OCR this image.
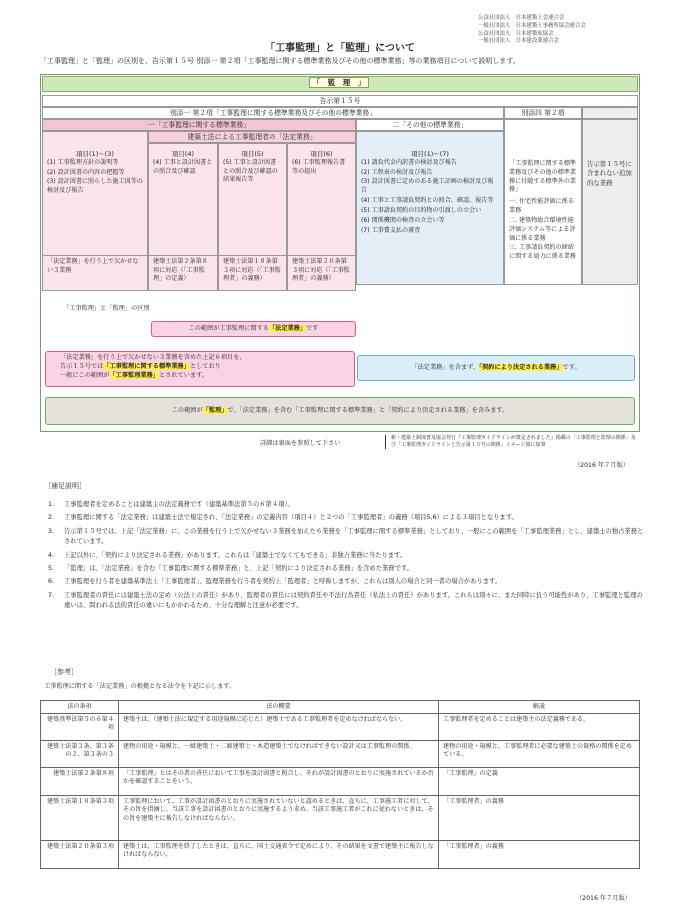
公益社団法人　日本建築士会連合会
一般社団法人　日本建築士事務所協会連合会
公益社団法人　日本建築家協会
一般社団法人　日本建設業連合会
「工事監理」と「監理」について
「工事監理」と「監理」の区別を、告示第１５号 別添一 第２項「工事監理に関する標準業務及びその他の標準業務」等の業務項目について説明します。
「　監　理　」
告示第１５号
別添一 第２項「工事監理に関する標準業務及びその他の標準業務」	別添四 第２項
一「工事監理に関する標準業務」	二「その他の標準業務」
項目(1)～(3)
(1) 工事監理方針の説明等
(2) 設計図書の内容の把握等
(3) 設計図書に照らした施工図等の検討及び報告
建築士法による工事監理者の「法定業務」
項目(4)
(4) 工事と設計図書との照合及び確認
項目(5)
(5) 工事と設計図書との照合及び確認の結果報告等
項目(6)
(6) 工事監理報告書等の提出
項目(1)～(7)
(1) 請負代金内訳書の検討及び報告
(2) 工程表の検討及び報告
(3) 設計図書に定めのある施工計画の検討及び報告
(4) 工事と工事請負契約との照合、確認、報告等
(5) 工事請負契約の目的物の引渡しの立会い
(6) 関係機関の検査の立会い等
(7) 工事費支払の審査
「工事監理に関する標準業務及びその他の標準業務に付随する標準外の業務」
一. 住宅性能評価に係る業務
二. 建築物総合環境性能評価システム等による評価に係る業務
三. 工事請負契約の締結に関する協力に係る業務
告示第１５号に含まれない追加的な業務
「法定業務」を行う上で欠かせない３業務
建築士法第２条第８項に対応（「工事監理」の定義）
建築士法第１８条第３項に対応（「工事監理者」の義務）
建築士法第２０条第３項に対応（「工事監理者」の義務）
「工事監理」と「監理」の区別
この範囲が工事監理に関する「法定業務」です
「法定業務」を行う上で欠かせない３業務を含めた上記６項目を、
告示１５号では「工事監理に関する標準業務」としており
一般にこの範囲が「工事監理業務」とされています。
「法定業務」を含まず、「契約により決定される業務」です。
この範囲が「監理」で、「法定業務」を含む「工事監理に関する標準業務」と「契約により決定される業務」を含みます。
詳細は裏面を参照して下さい
新・建築士制度普及協会発行『工事監理ガイドラインが策定されました』掲載の「工事監理と監理の関係」及び「工事監理ガイドラインと告示第１５号の関係」イメージ図に加筆
（2016 年７月版）
［補足説明］
1.	工事監理者を定めることは建築主の法定義務です（建築基準法第５の６第４項）。
2.	工事監理に関する「法定業務」は建築士法で規定され、「法定業務」の定義内容（項目４）と２つの「工事監理者」の義務（項目5,6）による３項目となります。
3.	告示第１５号では、上記「法定業務」に、この業務を行う上で欠かせない３業務を加えた６業務を「工事監理に関する標準業務」としており、一般にこの範囲を「工事監理業務」とし、建築士の独占業務とされています。
4.	上記以外に、「契約により決定される業務」があります。これらは「建築士でなくてもできる」非独占業務に当たります。
5.	「監理」は、「法定業務」を含む「工事監理に関する標準業務」と、上記「契約により決定される業務」を含めた業務です。
6.	工事監理を行う者を建築基準法上「工事監理者」、監理業務を行う者を契約上「監理者」と呼称しますが、これらは別人の場合と同一者の場合があります。
7.	工事監理者の責任には建築士法の定め（公法上の責任）があり、監理者の責任には契約責任や不法行為責任（私法上の責任）があります。これらは別々に、また同時に負う可能性があり、工事監理と監理の違いは、問われる法的責任の違いにもかかわるため、十分な理解と注意が必要です。
［参考］
工事監理に関する「法定業務」の根拠となる法令を下記に示します。
法の条項	法の概要	解説
建築基準法第５の６第４項	建築主は、（建築士法に規定する用途規模に応じた）建築士である工事監理者を定めなければならない。	工事監理者を定めることは建築主の法定義務である。
建築士法第３条、第３条の２、第３条の３	建物の用途・規模と、一級建築士・二級建築士・木造建築士でなければできない設計又は工事監理の関係。	建物の用途・規模と、工事監理者に必要な建築士の資格の関係を定めている。
建築士法第２条第８項	「工事監理」とはその者の責任において工事を設計図書と照合し、それが設計図書のとおりに実施されているか否かを確認することをいう。	「工事監理」の定義
建築士法第１８条第３項	工事監理において、工事が設計図書のとおりに実施されていないと認めるときは、直ちに、工事施工者に対して、その旨を指摘し、当該工事を設計図書のとおりに実施するよう求め、当該工事施工者がこれに従わないときは、その旨を建築主に報告しなければならない。	「工事監理者」の義務
建築士法第２０条第３項	建築士は、工事監理を終了したときは、直ちに、国土交通省令で定めにより、その結果を文書で建築主に報告しなければならない。	「工事監理者」の義務
（2016 年７月版）
